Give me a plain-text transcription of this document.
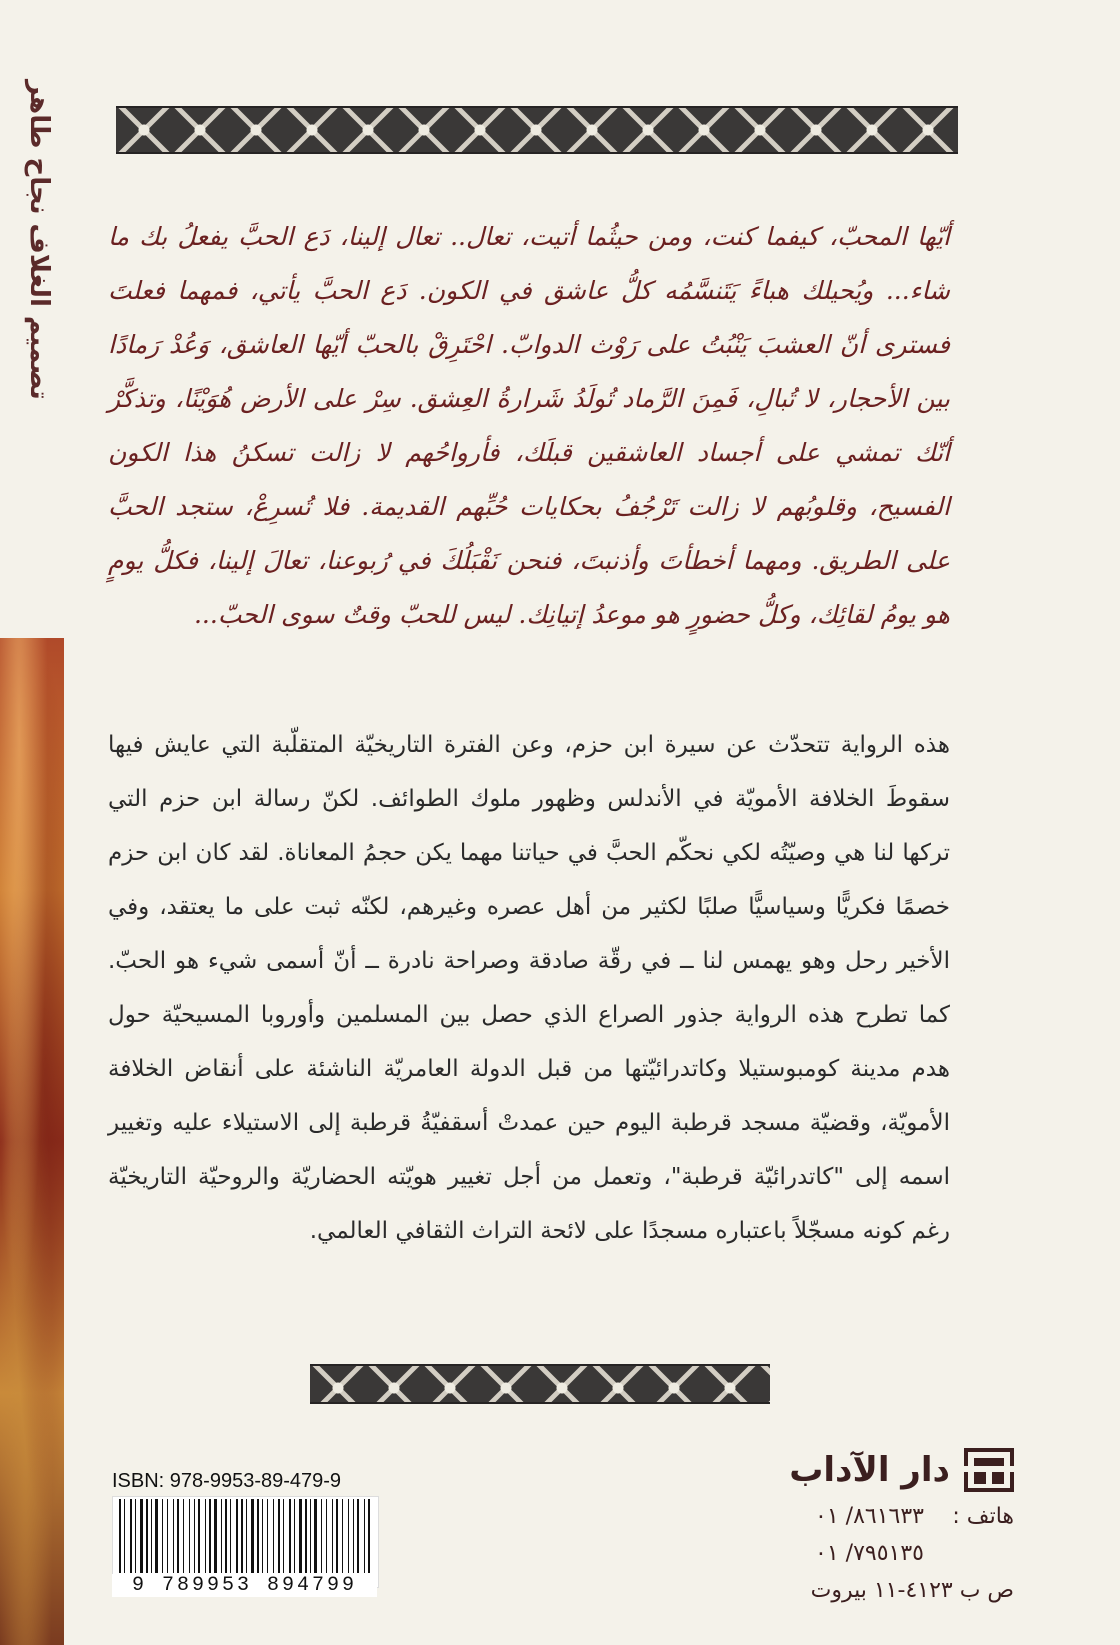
تصميم الغلاف نجاح طاهر أيّها المحبّ، كيفما كنت، ومن حيثُما أتيت، تعال.. تعال إلينا، دَع الحبَّ يفعلُ بك ما شاء... ويُحيلك هباءً يَتَنسَّمُه كلُّ عاشق في الكون. دَع الحبَّ يأتي، فمهما فعلتَ فسترى أنّ العشبَ يَنْبُتُ على رَوْث الدوابّ. احْتَرِقْ بالحبّ أيّها العاشق، وَعُدْ رَمادًا بين الأحجار، لا تُبالِ، فَمِنَ الرَّماد تُولَدُ شَرارةُ العِشق. سِرْ على الأرض هُوَيْنًا، وتذكَّرْ أنّك تمشي على أجساد العاشقين قبلَك، فأرواحُهم لا زالت تسكنُ هذا الكون الفسيح، وقلوبُهم لا زالت تَرْجُفُ بحكايات حُبِّهم القديمة. فلا تُسرِعْ، ستجد الحبَّ على الطريق. ومهما أخطأتَ وأذنبتَ، فنحن نَقْبَلُكَ في رُبوعنا، تعالَ إلينا، فكلُّ يومٍ هو يومُ لقائِك، وكلُّ حضورٍ هو موعدُ إتيانِك. ليس للحبّ وقتٌ سوى الحبّ...
هذه الرواية تتحدّث عن سيرة ابن حزم، وعن الفترة التاريخيّة المتقلّبة التي عايش فيها سقوطَ الخلافة الأمويّة في الأندلس وظهور ملوك الطوائف. لكنّ رسالة ابن حزم التي تركها لنا هي وصيّتُه لكي نحكّم الحبَّ في حياتنا مهما يكن حجمُ المعاناة. لقد كان ابن حزم خصمًا فكريًّا وسياسيًّا صلبًا لكثير من أهل عصره وغيرهم، لكنّه ثبت على ما يعتقد، وفي الأخير رحل وهو يهمس لنا ــ في رقّة صادقة وصراحة نادرة ــ أنّ أسمى شيء هو الحبّ. كما تطرح هذه الرواية جذور الصراع الذي حصل بين المسلمين وأوروبا المسيحيّة حول هدم مدينة كومبوستيلا وكاتدرائيّتها من قبل الدولة العامريّة الناشئة على أنقاض الخلافة الأمويّة، وقضيّة مسجد قرطبة اليوم حين عمدتْ أسقفيّةُ قرطبة إلى الاستيلاء عليه وتغيير اسمه إلى "كاتدرائيّة قرطبة"، وتعمل من أجل تغيير هويّته الحضاريّة والروحيّة التاريخيّة رغم كونه مسجّلاً باعتباره مسجدًا على لائحة التراث الثقافي العالمي.
ISBN: 978-9953-89-479-9
9 789953 894799
دار الآداب
هاتف :
٨٦١٦٣٣/ ٠١
٧٩٥١٣٥/ ٠١
ص ب ٤١٢٣-١١ بيروت
